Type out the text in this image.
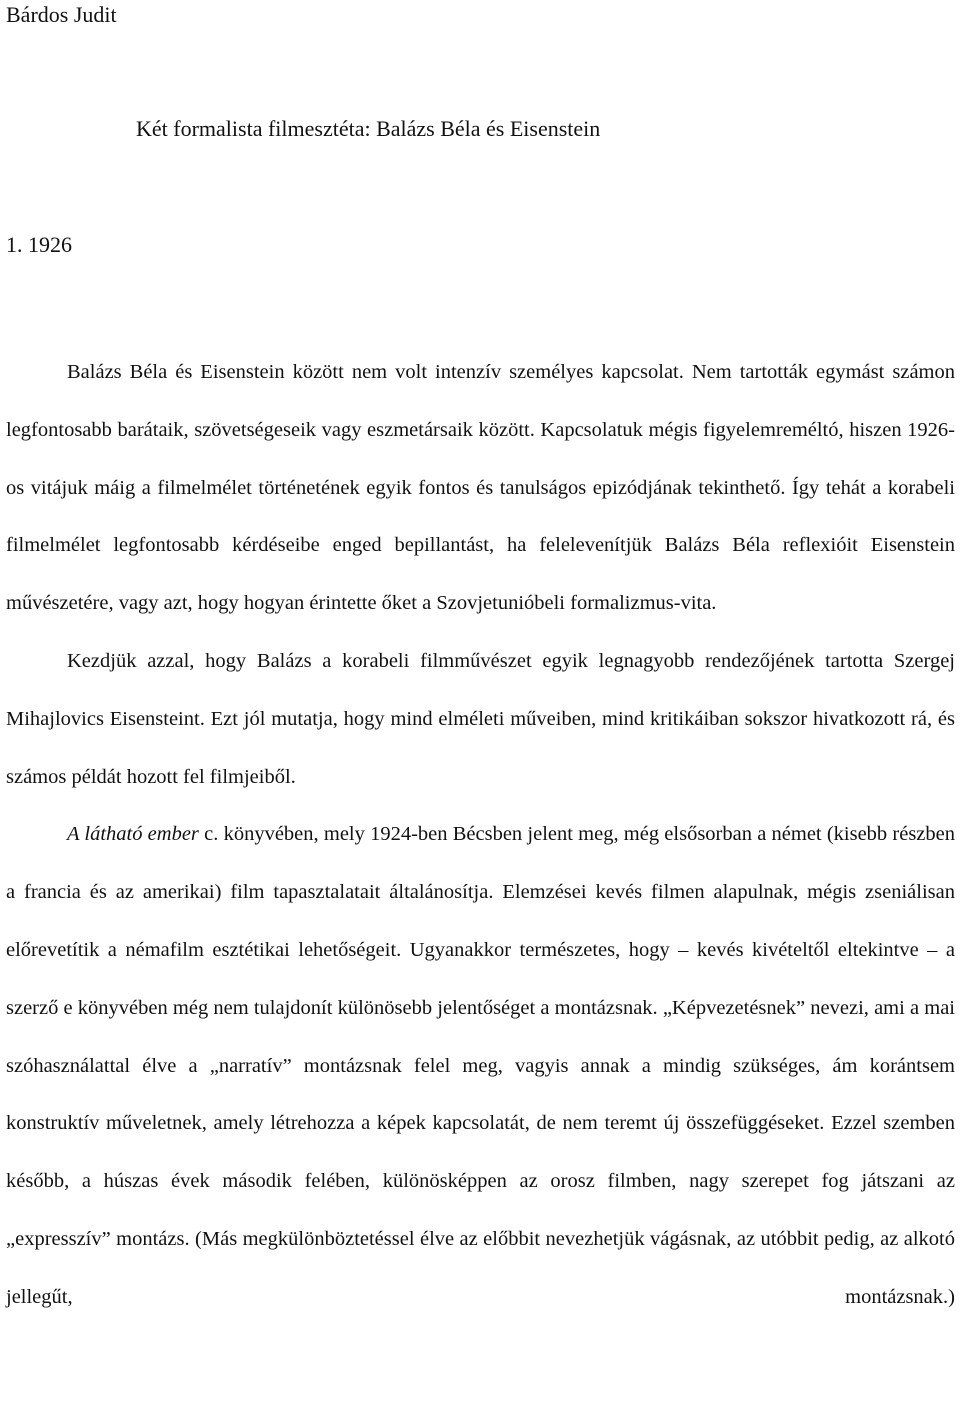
Bárdos Judit
Két formalista filmesztéta: Balázs Béla és Eisenstein
1. 1926

Balázs Béla és Eisenstein között nem volt intenzív személyes kapcsolat. Nem tartották egymást számon legfontosabb barátaik, szövetségeseik vagy eszmetársaik között. Kapcsolatuk mégis figyelemreméltó, hiszen 1926-os vitájuk máig a filmelmélet történetének egyik fontos és tanulságos epizódjának tekinthető. Így tehát a korabeli filmelmélet legfontosabb kérdéseibe enged bepillantást, ha felelevenítjük Balázs Béla reflexióit Eisenstein művészetére, vagy azt, hogy hogyan érintette őket a Szovjetunióbeli formalizmus-vita.

Kezdjük azzal, hogy Balázs a korabeli filmművészet egyik legnagyobb rendezőjének tartotta Szergej Mihajlovics Eisensteint. Ezt jól mutatja, hogy mind elméleti műveiben, mind kritikáiban sokszor hivatkozott rá, és számos példát hozott fel filmjeiből.

A látható ember c. könyvében, mely 1924-ben Bécsben jelent meg, még elsősorban a német (kisebb részben a francia és az amerikai) film tapasztalatait általánosítja. Elemzései kevés filmen alapulnak, mégis zseniálisan előrevetítik a némafilm esztétikai lehetőségeit. Ugyanakkor természetes, hogy – kevés kivételtől eltekintve – a szerző e könyvében még nem tulajdonít különösebb jelentőséget a montázsnak. „Képvezetésnek” nevezi, ami a mai szóhasználattal élve a „narratív” montázsnak felel meg, vagyis annak a mindig szükséges, ám korántsem konstruktív műveletnek, amely létrehozza a képek kapcsolatát, de nem teremt új összefüggéseket. Ezzel szemben később, a húszas évek második felében, különösképpen az orosz filmben, nagy szerepet fog játszani az „expresszív” montázs. (Más megkülönböztetéssel élve az előbbit nevezhetjük vágásnak, az utóbbit pedig, az alkotó jellegűt, montázsnak.)
